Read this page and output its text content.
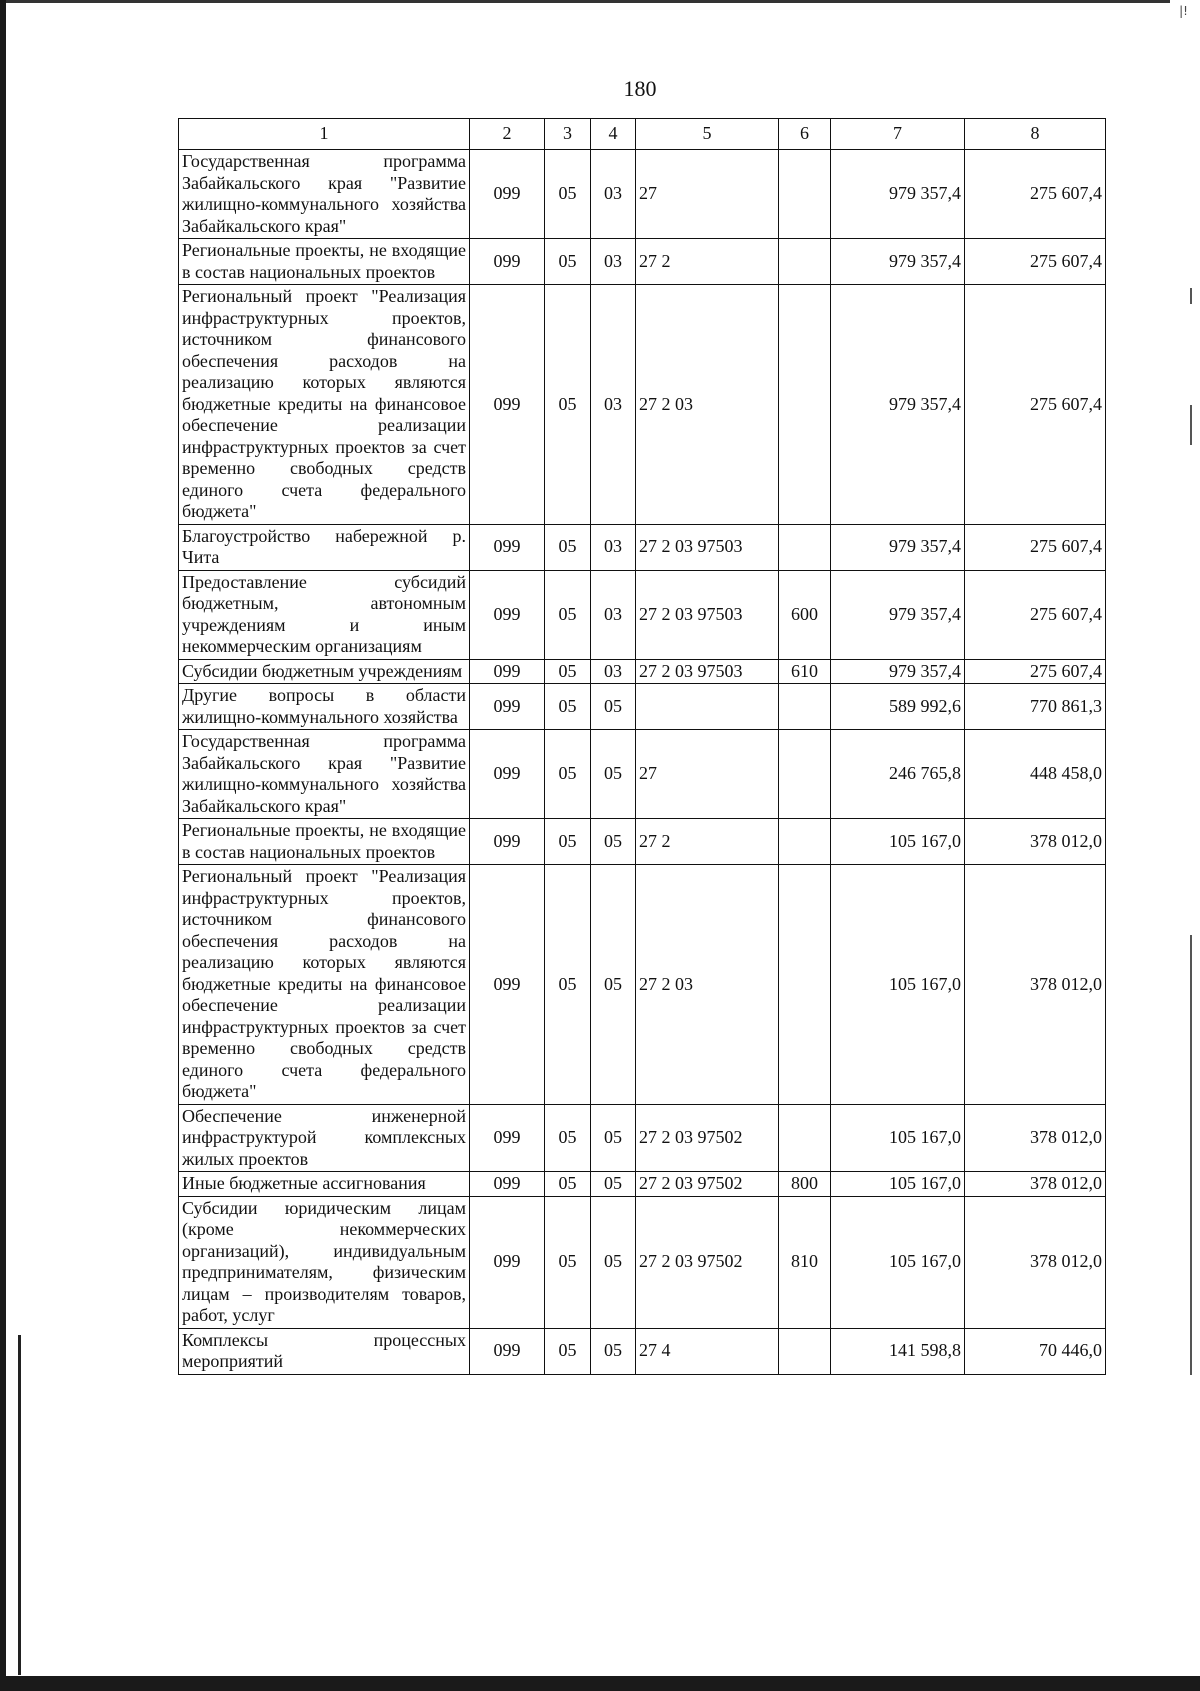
|!
180
1	2	3	4	5	6	7	8
Государственная программа Забайкальского края "Развитие жилищно-коммунального хозяйства Забайкальского края"	099	05	03	27		979 357,4	275 607,4
Региональные проекты, не входящие в состав национальных проектов	099	05	03	27 2		979 357,4	275 607,4
Региональный проект "Реализация инфраструктурных проектов, источником финансового обеспечения расходов на реализацию которых являются бюджетные кредиты на финансовое обеспечение реализации инфраструктурных проектов за счет временно свободных средств единого счета федерального бюджета"	099	05	03	27 2 03		979 357,4	275 607,4
Благоустройство набережной р. Чита	099	05	03	27 2 03 97503		979 357,4	275 607,4
Предоставление субсидий бюджетным, автономным учреждениям и иным некоммерческим организациям	099	05	03	27 2 03 97503	600	979 357,4	275 607,4
Субсидии бюджетным учреждениям	099	05	03	27 2 03 97503	610	979 357,4	275 607,4
Другие вопросы в области жилищно-коммунального хозяйства	099	05	05			589 992,6	770 861,3
Государственная программа Забайкальского края "Развитие жилищно-коммунального хозяйства Забайкальского края"	099	05	05	27		246 765,8	448 458,0
Региональные проекты, не входящие в состав национальных проектов	099	05	05	27 2		105 167,0	378 012,0
Региональный проект "Реализация инфраструктурных проектов, источником финансового обеспечения расходов на реализацию которых являются бюджетные кредиты на финансовое обеспечение реализации инфраструктурных проектов за счет временно свободных средств единого счета федерального бюджета"	099	05	05	27 2 03		105 167,0	378 012,0
Обеспечение инженерной инфраструктурой комплексных жилых проектов	099	05	05	27 2 03 97502		105 167,0	378 012,0
Иные бюджетные ассигнования	099	05	05	27 2 03 97502	800	105 167,0	378 012,0
Субсидии юридическим лицам (кроме некоммерческих организаций), индивидуальным предпринимателям, физическим лицам – производителям товаров, работ, услуг	099	05	05	27 2 03 97502	810	105 167,0	378 012,0
Комплексы процессных мероприятий	099	05	05	27 4		141 598,8	70 446,0
